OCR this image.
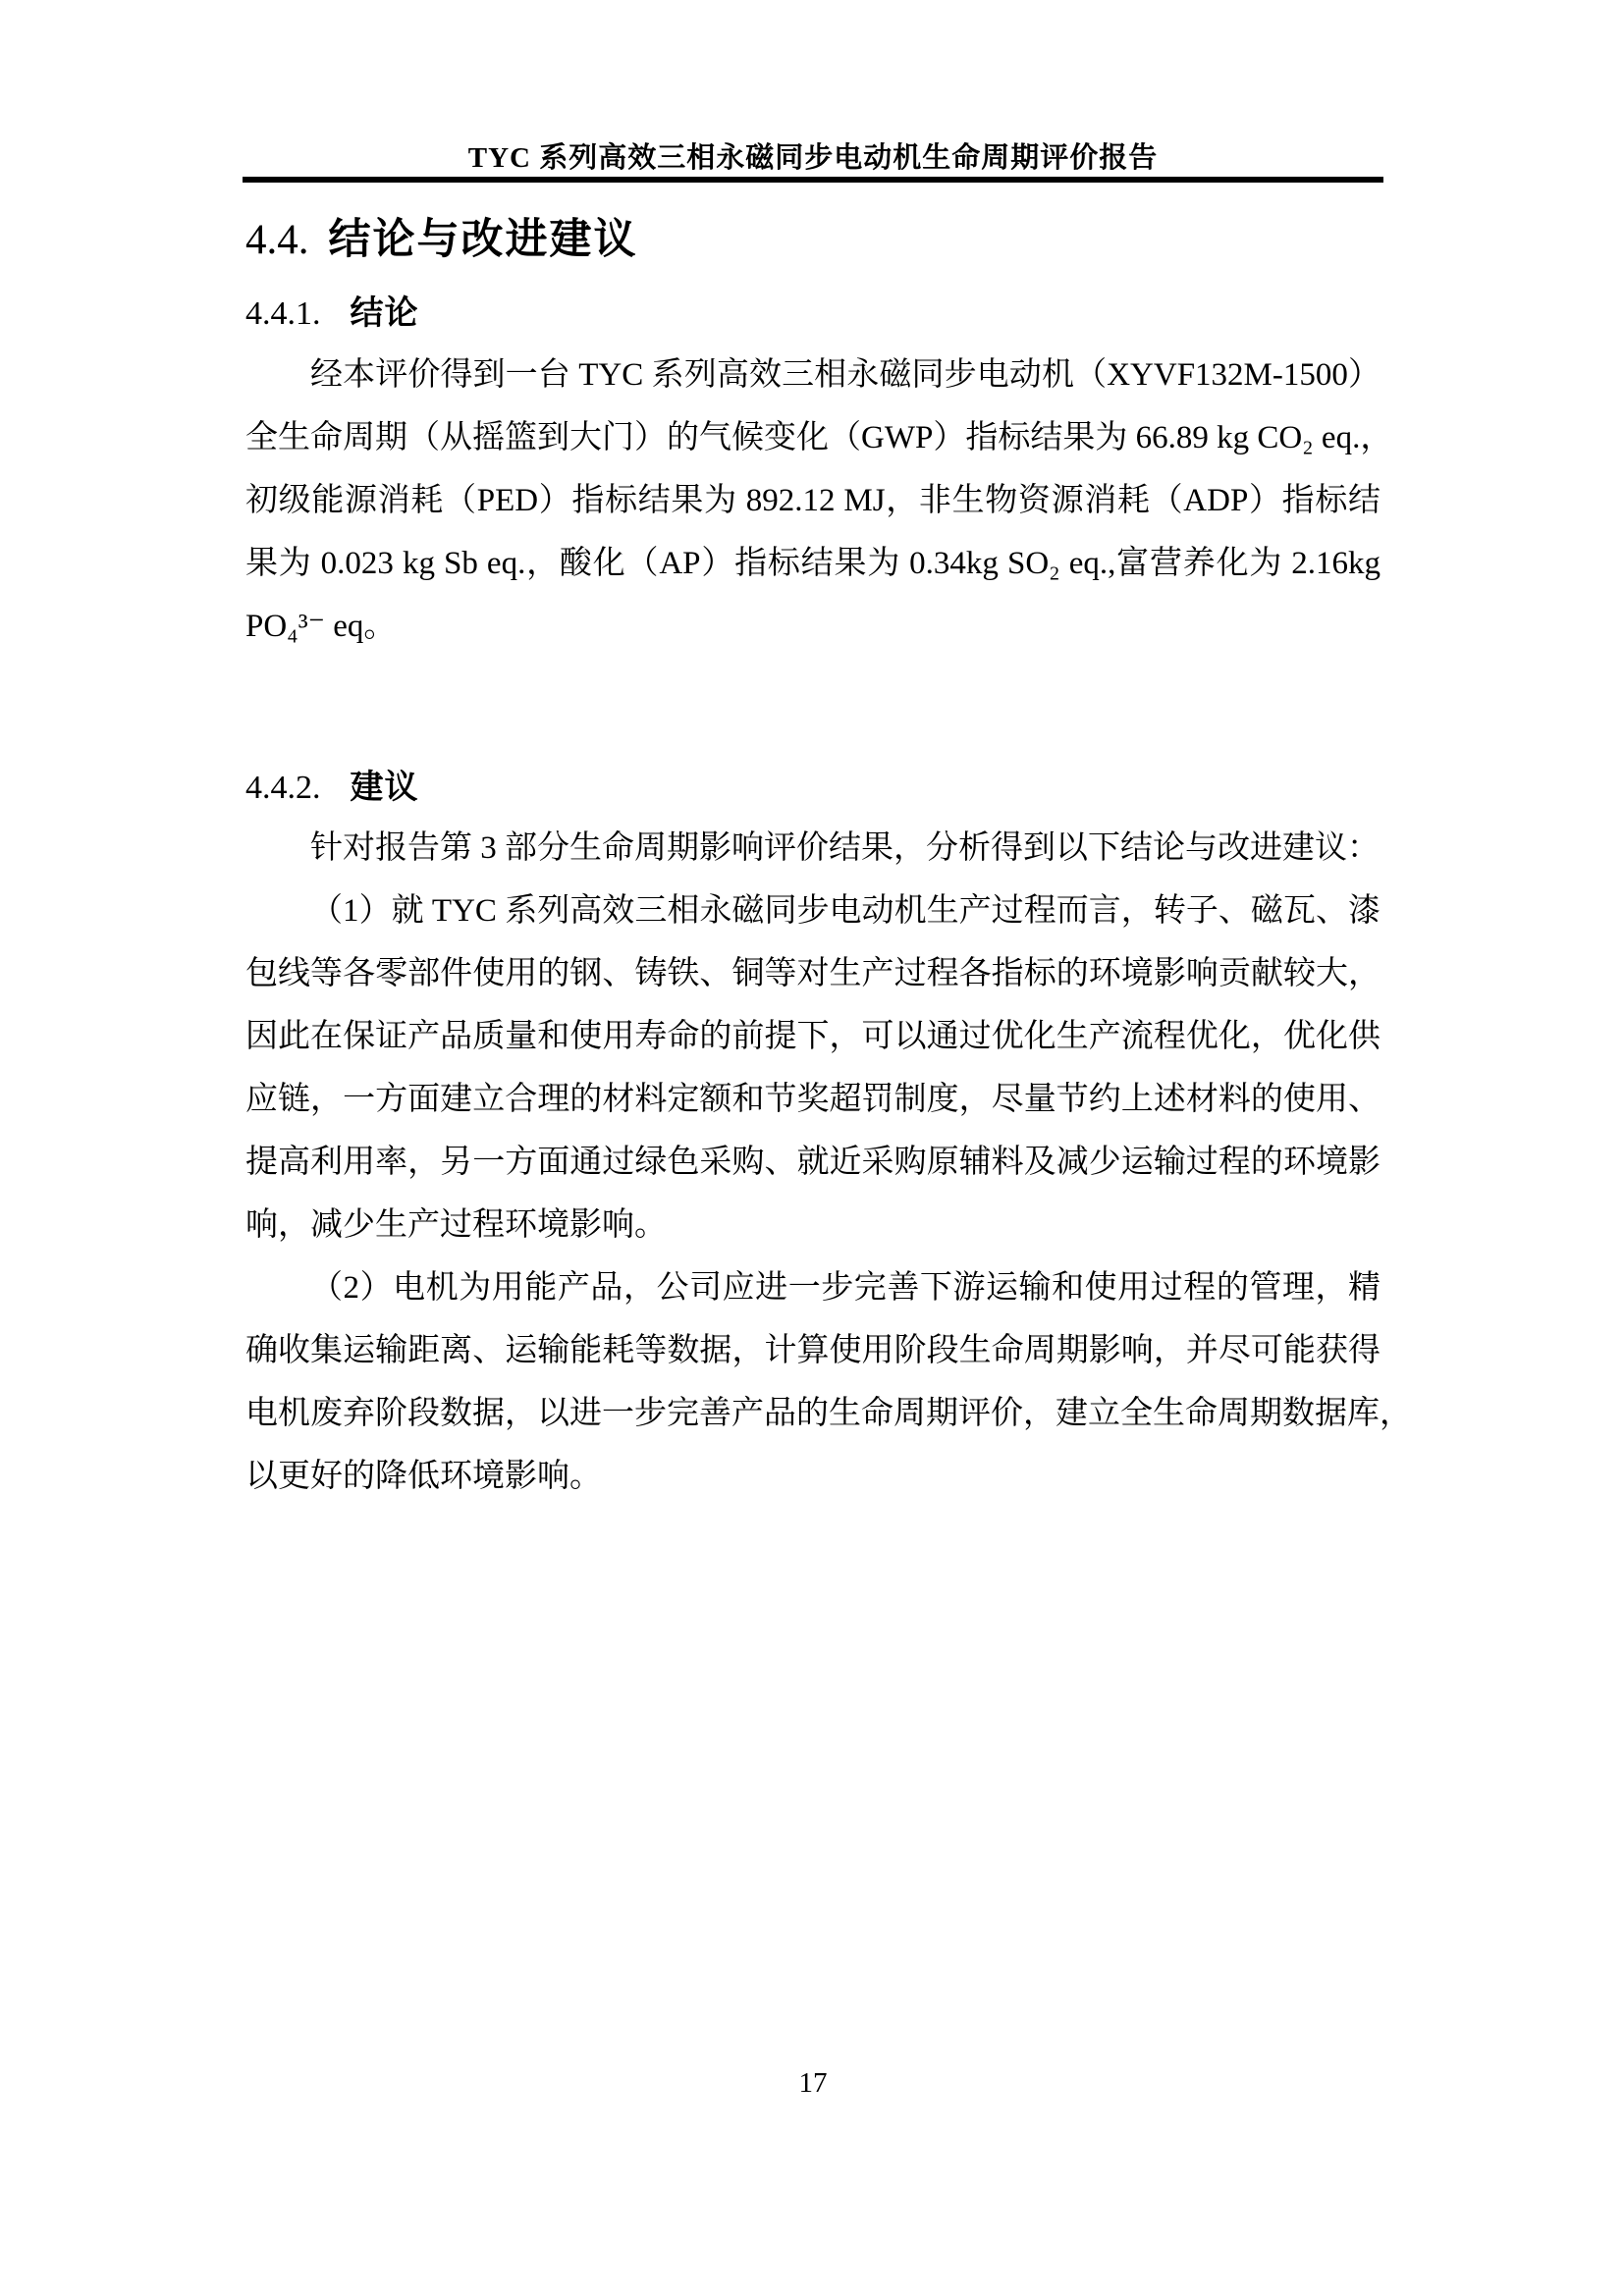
TYC 系列高效三相永磁同步电动机生命周期评价报告
4.4. 结论与改进建议
4.4.1. 结论
经本评价得到一台 TYC 系列高效三相永磁同步电动机（XYVF132M-1500）
全生命周期（从摇篮到大门）的气候变化（GWP）指标结果为 66.89 kg CO₂ eq.，
初级能源消耗（PED）指标结果为 892.12 MJ，非生物资源消耗（ADP）指标结
果为 0.023 kg Sb eq.，酸化（AP）指标结果为 0.34kg SO₂ eq.,富营养化为 2.16kg
PO₄³⁻ eq。
4.4.2. 建议
针对报告第 3 部分生命周期影响评价结果，分析得到以下结论与改进建议：
（1）就 TYC 系列高效三相永磁同步电动机生产过程而言，转子、磁瓦、漆
包线等各零部件使用的钢、铸铁、铜等对生产过程各指标的环境影响贡献较大，
因此在保证产品质量和使用寿命的前提下，可以通过优化生产流程优化，优化供
应链，一方面建立合理的材料定额和节奖超罚制度，尽量节约上述材料的使用、
提高利用率，另一方面通过绿色采购、就近采购原辅料及减少运输过程的环境影
响，减少生产过程环境影响。
（2）电机为用能产品，公司应进一步完善下游运输和使用过程的管理，精
确收集运输距离、运输能耗等数据，计算使用阶段生命周期影响，并尽可能获得
电机废弃阶段数据，以进一步完善产品的生命周期评价，建立全生命周期数据库，
以更好的降低环境影响。
17
